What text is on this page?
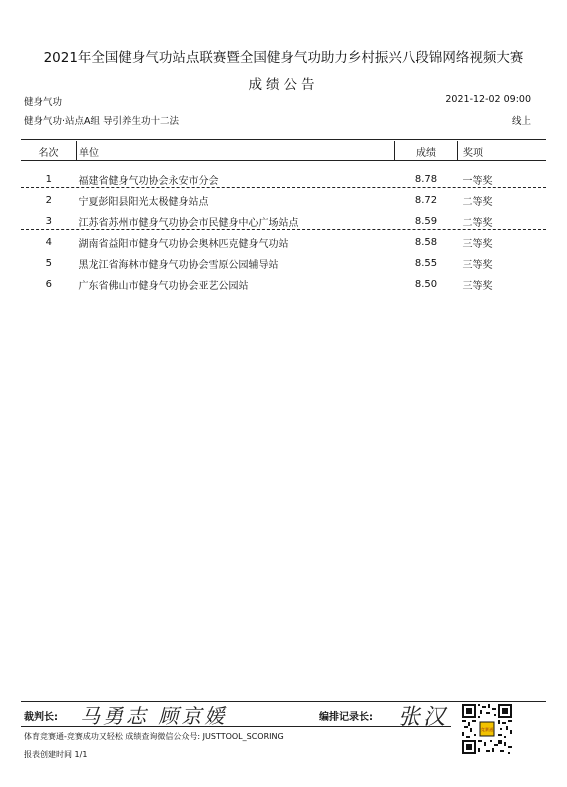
2021年全国健身气功站点联赛暨全国健身气功助力乡村振兴八段锦网络视频大赛
成绩公告
健身气功	2021-12-02 09:00
健身气功·站点A组 导引养生功十二法	线上
名次	单位	成绩	奖项

1	福建省健身气功协会永安市分会	8.78	一等奖
2	宁夏彭阳县阳光太极健身站点	8.72	二等奖
3	江苏省苏州市健身气功协会市民健身中心广场站点	8.59	二等奖
4	湖南省益阳市健身气功协会奥林匹克健身气功站	8.58	三等奖
5	黑龙江省海林市健身气功协会雪原公园辅导站	8.55	三等奖
6	广东省佛山市健身气功协会亚艺公园站	8.50	三等奖
裁判长: 马勇志 顾京媛	编排记录长: 张汉
体育竞赛通-竞赛成功又轻松 成绩查询微信公众号: JUSTTOOL_SCORING
报表创建时间 1/1
竞赛通
